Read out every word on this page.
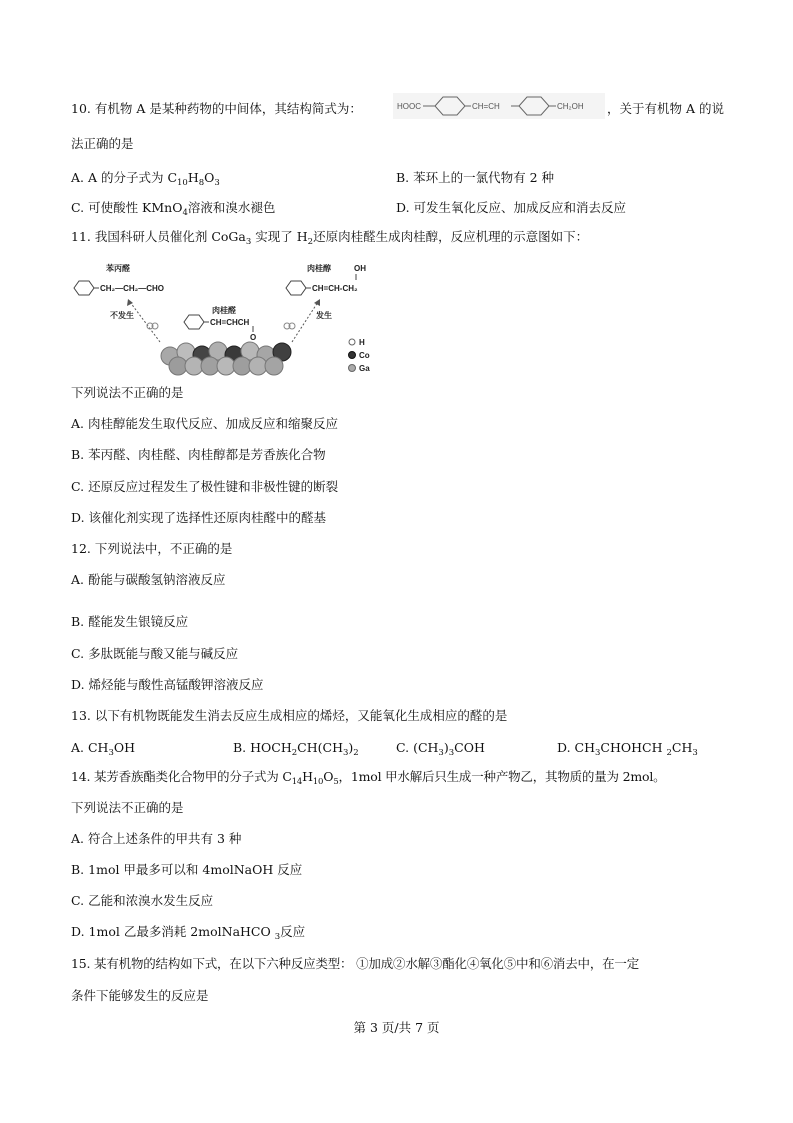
10. 有机物 A 是某种药物的中间体，其结构简式为：	HOOC	CH=CH	CH₂OH ，关于有机物 A 的说
法正确的是
A. A 的分子式为 $C_{10}H_8O_3$	B. 苯环上的一氯代物有 2 种
C. 可使酸性 KMnO$_4$溶液和溴水褪色	D. 可发生氧化反应、加成反应和消去反应
11. 我国科研人员催化剂 CoGa$_3$ 实现了 $H_2$还原肉桂醛生成肉桂醇，反应机理的示意图如下：
苯丙醛
CH₂—CH₂—CHO
肉桂醛
CH=CHCH
O
肉桂醇	OH
CH=CH-CH₂
不发生	发生
H
Co
Ga
下列说法不正确的是
A. 肉桂醇能发生取代反应、加成反应和缩聚反应
B. 苯丙醛、肉桂醛、肉桂醇都是芳香族化合物
C. 还原反应过程发生了极性键和非极性键的断裂
D. 该催化剂实现了选择性还原肉桂醛中的醛基
12. 下列说法中，不正确的是
A. 酚能与碳酸氢钠溶液反应
B. 醛能发生银镜反应
C. 多肽既能与酸又能与碱反应
D. 烯烃能与酸性高锰酸钾溶液反应
13. 以下有机物既能发生消去反应生成相应的烯烃，又能氧化生成相应的醛的是
A. $CH_3OH$	B. $HOCH_2CH(CH_3)_2$	C. $(CH_3)_3COH$	D. $CH_3CHOHCH$ $_2CH_3$
14. 某芳香族酯类化合物甲的分子式为 $C_{14}H_{10}O_5$，1mol 甲水解后只生成一种产物乙，其物质的量为 2mol。
下列说法不正确的是
A. 符合上述条件的甲共有 3 种
B. 1mol 甲最多可以和 4molNaOH 反应
C. 乙能和浓溴水发生反应
D. 1mol 乙最多消耗 2molNaHCO $_3$反应
15. 某有机物的结构如下式，在以下六种反应类型： ①加成②水解③酯化④氧化⑤中和⑥消去中，在一定
条件下能够发生的反应是
第 3 页/共 7 页
